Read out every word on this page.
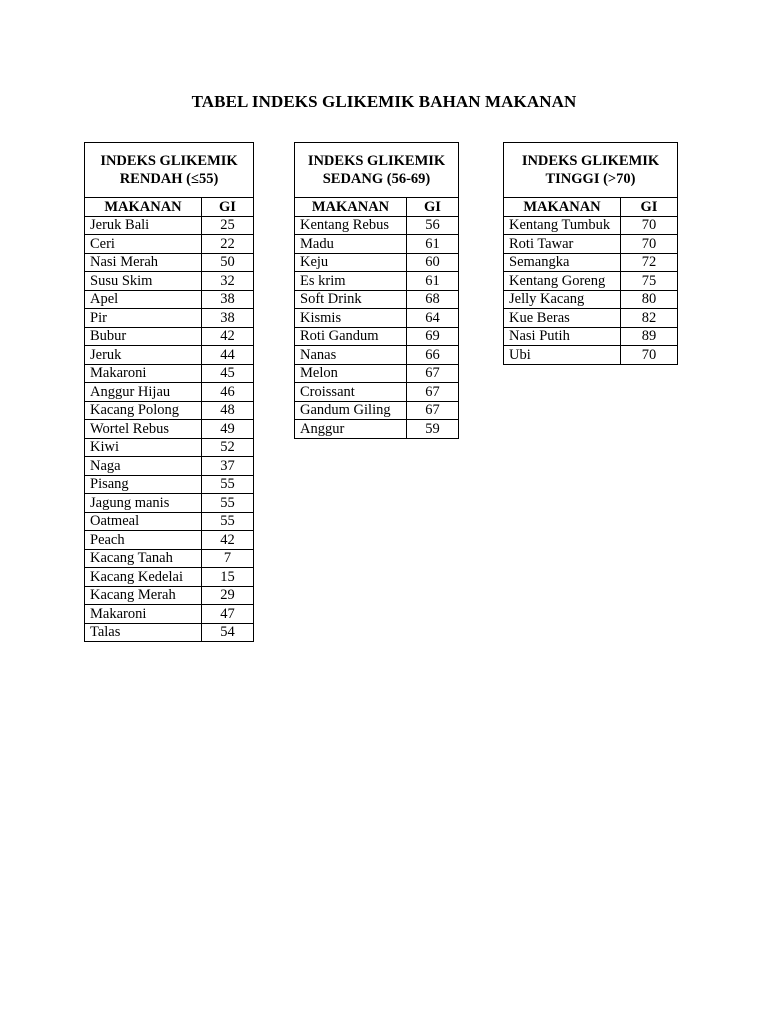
TABEL INDEKS GLIKEMIK BAHAN MAKANAN
INDEKS GLIKEMIK
RENDAH (≤55)	
MAKANAN	GI
Jeruk Bali	25
Ceri	22
Nasi Merah	50
Susu Skim	32
Apel	38
Pir	38
Bubur	42
Jeruk	44
Makaroni	45
Anggur Hijau	46
Kacang Polong	48
Wortel Rebus	49
Kiwi	52
Naga	37
Pisang	55
Jagung manis	55
Oatmeal	55
Peach	42
Kacang Tanah	7
Kacang Kedelai	15
Kacang Merah	29
Makaroni	47
Talas	54
INDEKS GLIKEMIK
SEDANG (56-69)	
MAKANAN	GI
Kentang Rebus	56
Madu	61
Keju	60
Es krim	61
Soft Drink	68
Kismis	64
Roti Gandum	69
Nanas	66
Melon	67
Croissant	67
Gandum Giling	67
Anggur	59
INDEKS GLIKEMIK
TINGGI (>70)	
MAKANAN	GI
Kentang Tumbuk	70
Roti Tawar	70
Semangka	72
Kentang Goreng	75
Jelly Kacang	80
Kue Beras	82
Nasi Putih	89
Ubi	70
